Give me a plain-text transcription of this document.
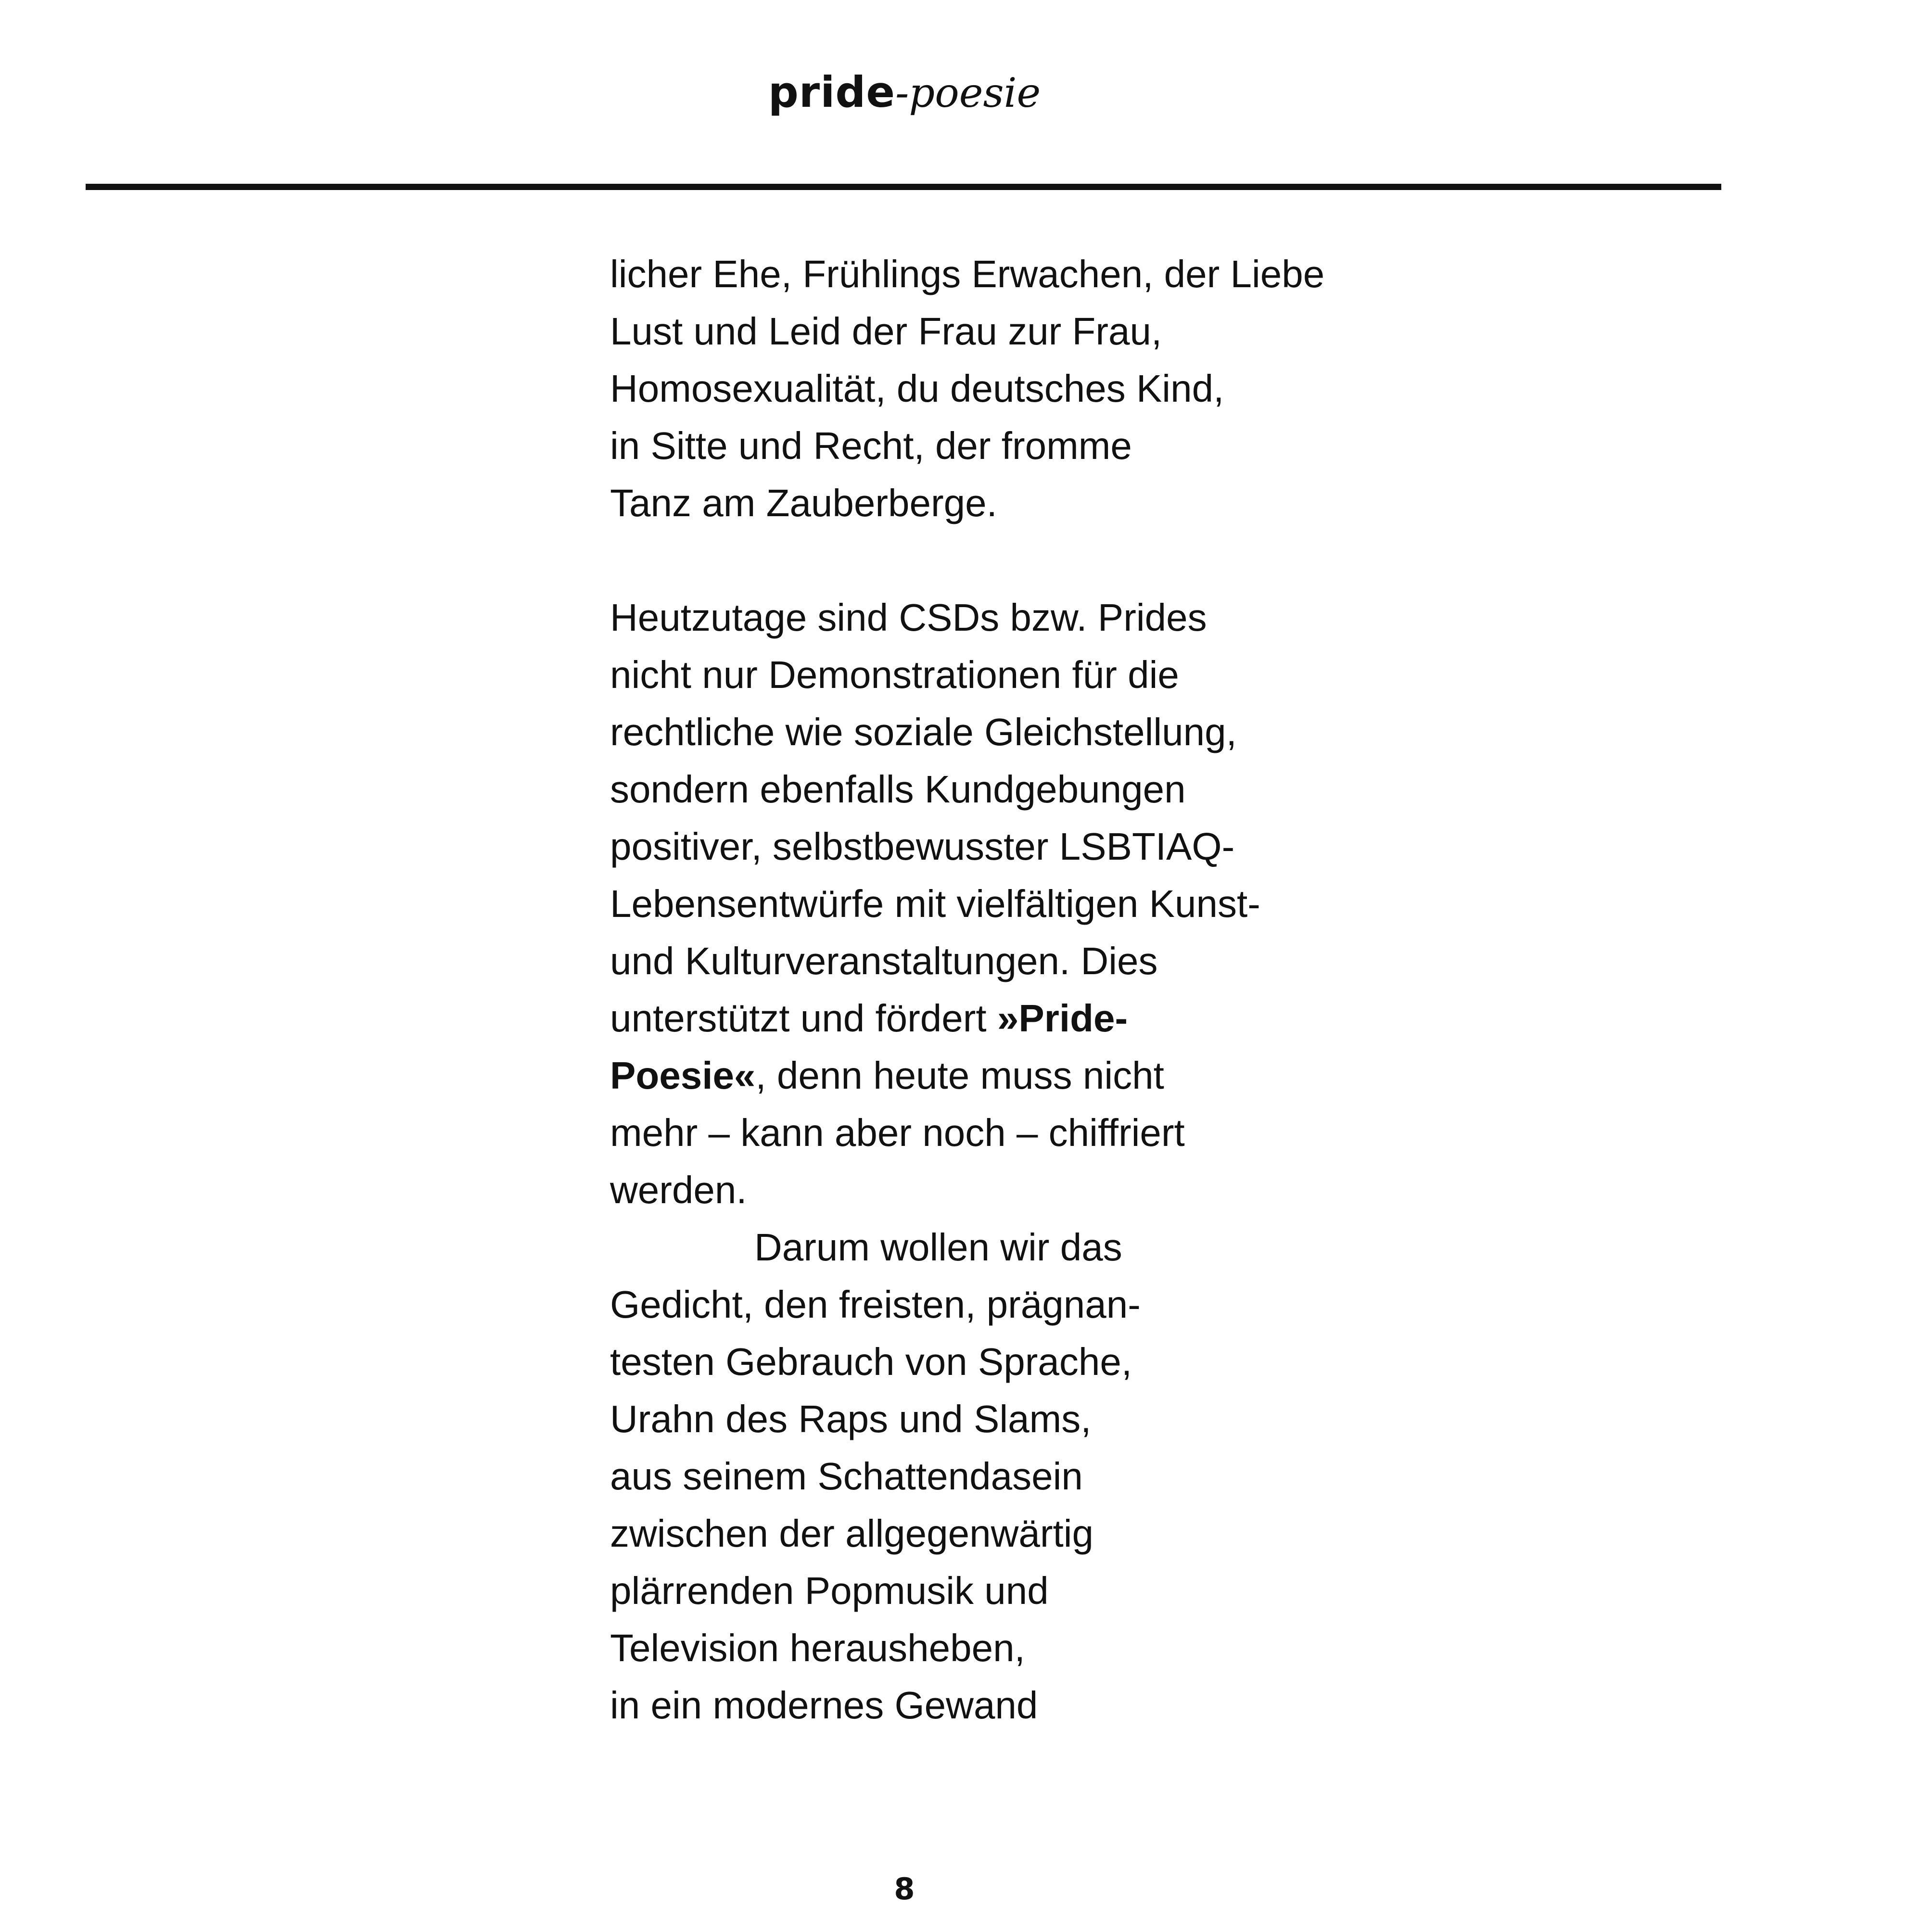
pride-poesie
licher Ehe, Frühlings Erwachen, der Liebe
Lust und Leid der Frau zur Frau,
Homosexualität, du deutsches Kind,
in Sitte und Recht, der fromme
Tanz am Zauberberge.
Heutzutage sind CSDs bzw. Prides
nicht nur Demonstrationen für die
rechtliche wie soziale Gleichstellung,
sondern ebenfalls Kundgebungen
positiver, selbstbewusster LSBTIAQ-
Lebensentwürfe mit vielfältigen Kunst-
und Kulturveranstaltungen. Dies
unterstützt und fördert »Pride-
Poesie«, denn heute muss nicht
mehr – kann aber noch – chiffriert
werden.
Darum wollen wir das
Gedicht, den freisten, prägnan-
testen Gebrauch von Sprache,
Urahn des Raps und Slams,
aus seinem Schattendasein
zwischen der allgegenwärtig
plärrenden Popmusik und
Television herausheben,
in ein modernes Gewand
8
